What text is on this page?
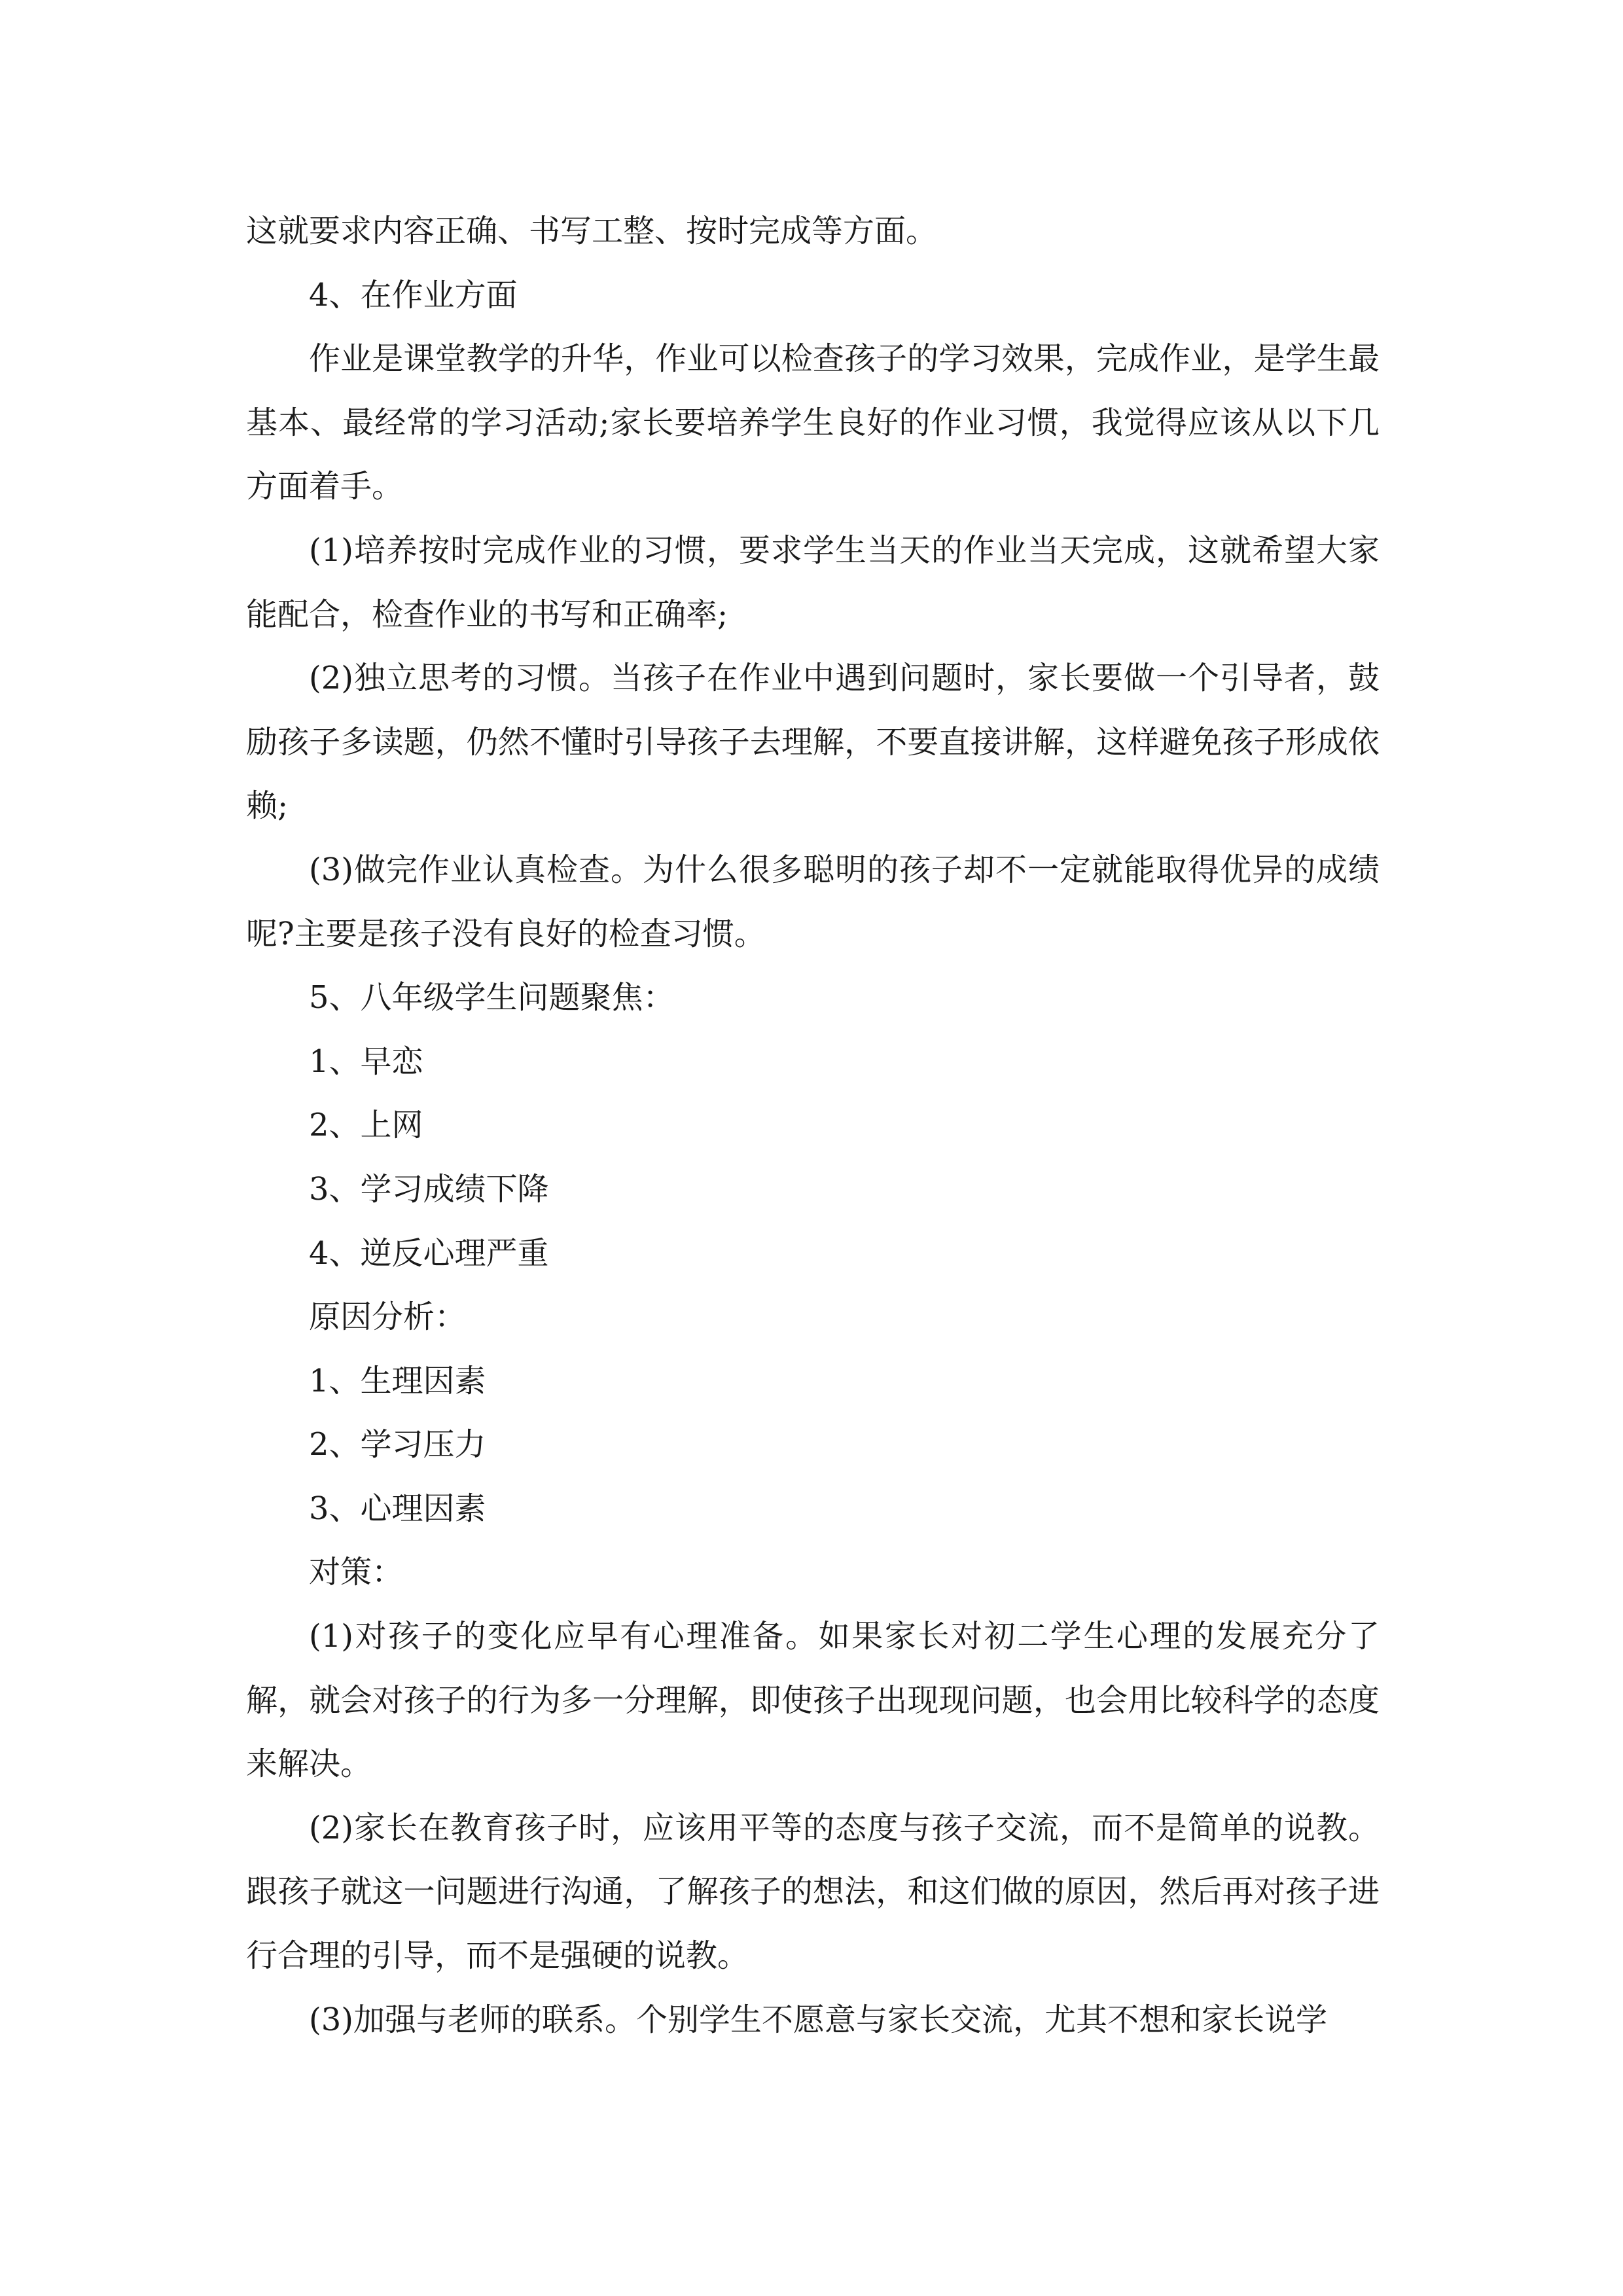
这就要求内容正确、书写工整、按时完成等方面。

4、在作业方面

作业是课堂教学的升华，作业可以检查孩子的学习效果，完成作业，是学生最基本、最经常的学习活动;家长要培养学生良好的作业习惯，我觉得应该从以下几方面着手。

(1)培养按时完成作业的习惯，要求学生当天的作业当天完成，这就希望大家能配合，检查作业的书写和正确率;

(2)独立思考的习惯。当孩子在作业中遇到问题时，家长要做一个引导者，鼓励孩子多读题，仍然不懂时引导孩子去理解，不要直接讲解，这样避免孩子形成依赖;

(3)做完作业认真检查。为什么很多聪明的孩子却不一定就能取得优异的成绩呢?主要是孩子没有良好的检查习惯。

5、八年级学生问题聚焦：

1、早恋

2、上网

3、学习成绩下降

4、逆反心理严重

原因分析：

1、生理因素

2、学习压力

3、心理因素

对策：

(1)对孩子的变化应早有心理准备。如果家长对初二学生心理的发展充分了解，就会对孩子的行为多一分理解，即使孩子出现现问题，也会用比较科学的态度来解决。

(2)家长在教育孩子时，应该用平等的态度与孩子交流，而不是简单的说教。跟孩子就这一问题进行沟通，了解孩子的想法，和这们做的原因，然后再对孩子进行合理的引导，而不是强硬的说教。

(3)加强与老师的联系。个别学生不愿意与家长交流，尤其不想和家长说学
